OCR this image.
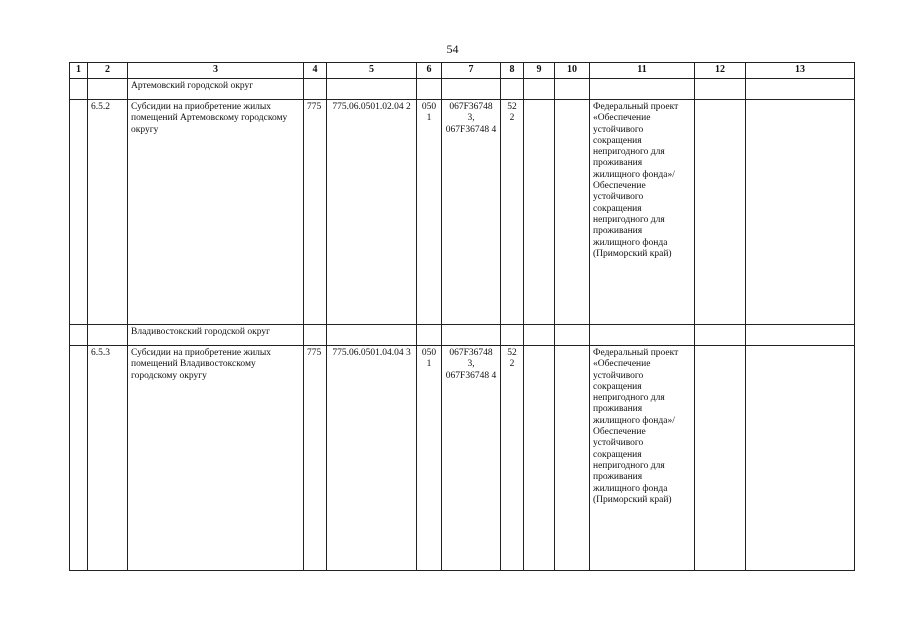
54
1	2	3	4	5	6	7	8	9	10	11	12	13
		Артемовский городской округ										
	6.5.2	Субсидии на приобретение жилых помещений Артемовскому городскому округу	775	775.06.0501.02.04 2	050 1	067F36748 3, 067F36748 4	52 2			Федеральный проект «Обеспечение устойчивого сокращения непригодного для проживания жилищного фонда»/ Обеспечение устойчивого сокращения непригодного для проживания жилищного фонда (Приморский край)		
		Владивостокский городской округ										
	6.5.3	Субсидии на приобретение жилых помещений Владивостокскому городскому округу	775	775.06.0501.04.04 3	050 1	067F36748 3, 067F36748 4	52 2			Федеральный проект «Обеспечение устойчивого сокращения непригодного для проживания жилищного фонда»/ Обеспечение устойчивого сокращения непригодного для проживания жилищного фонда (Приморский край)		
